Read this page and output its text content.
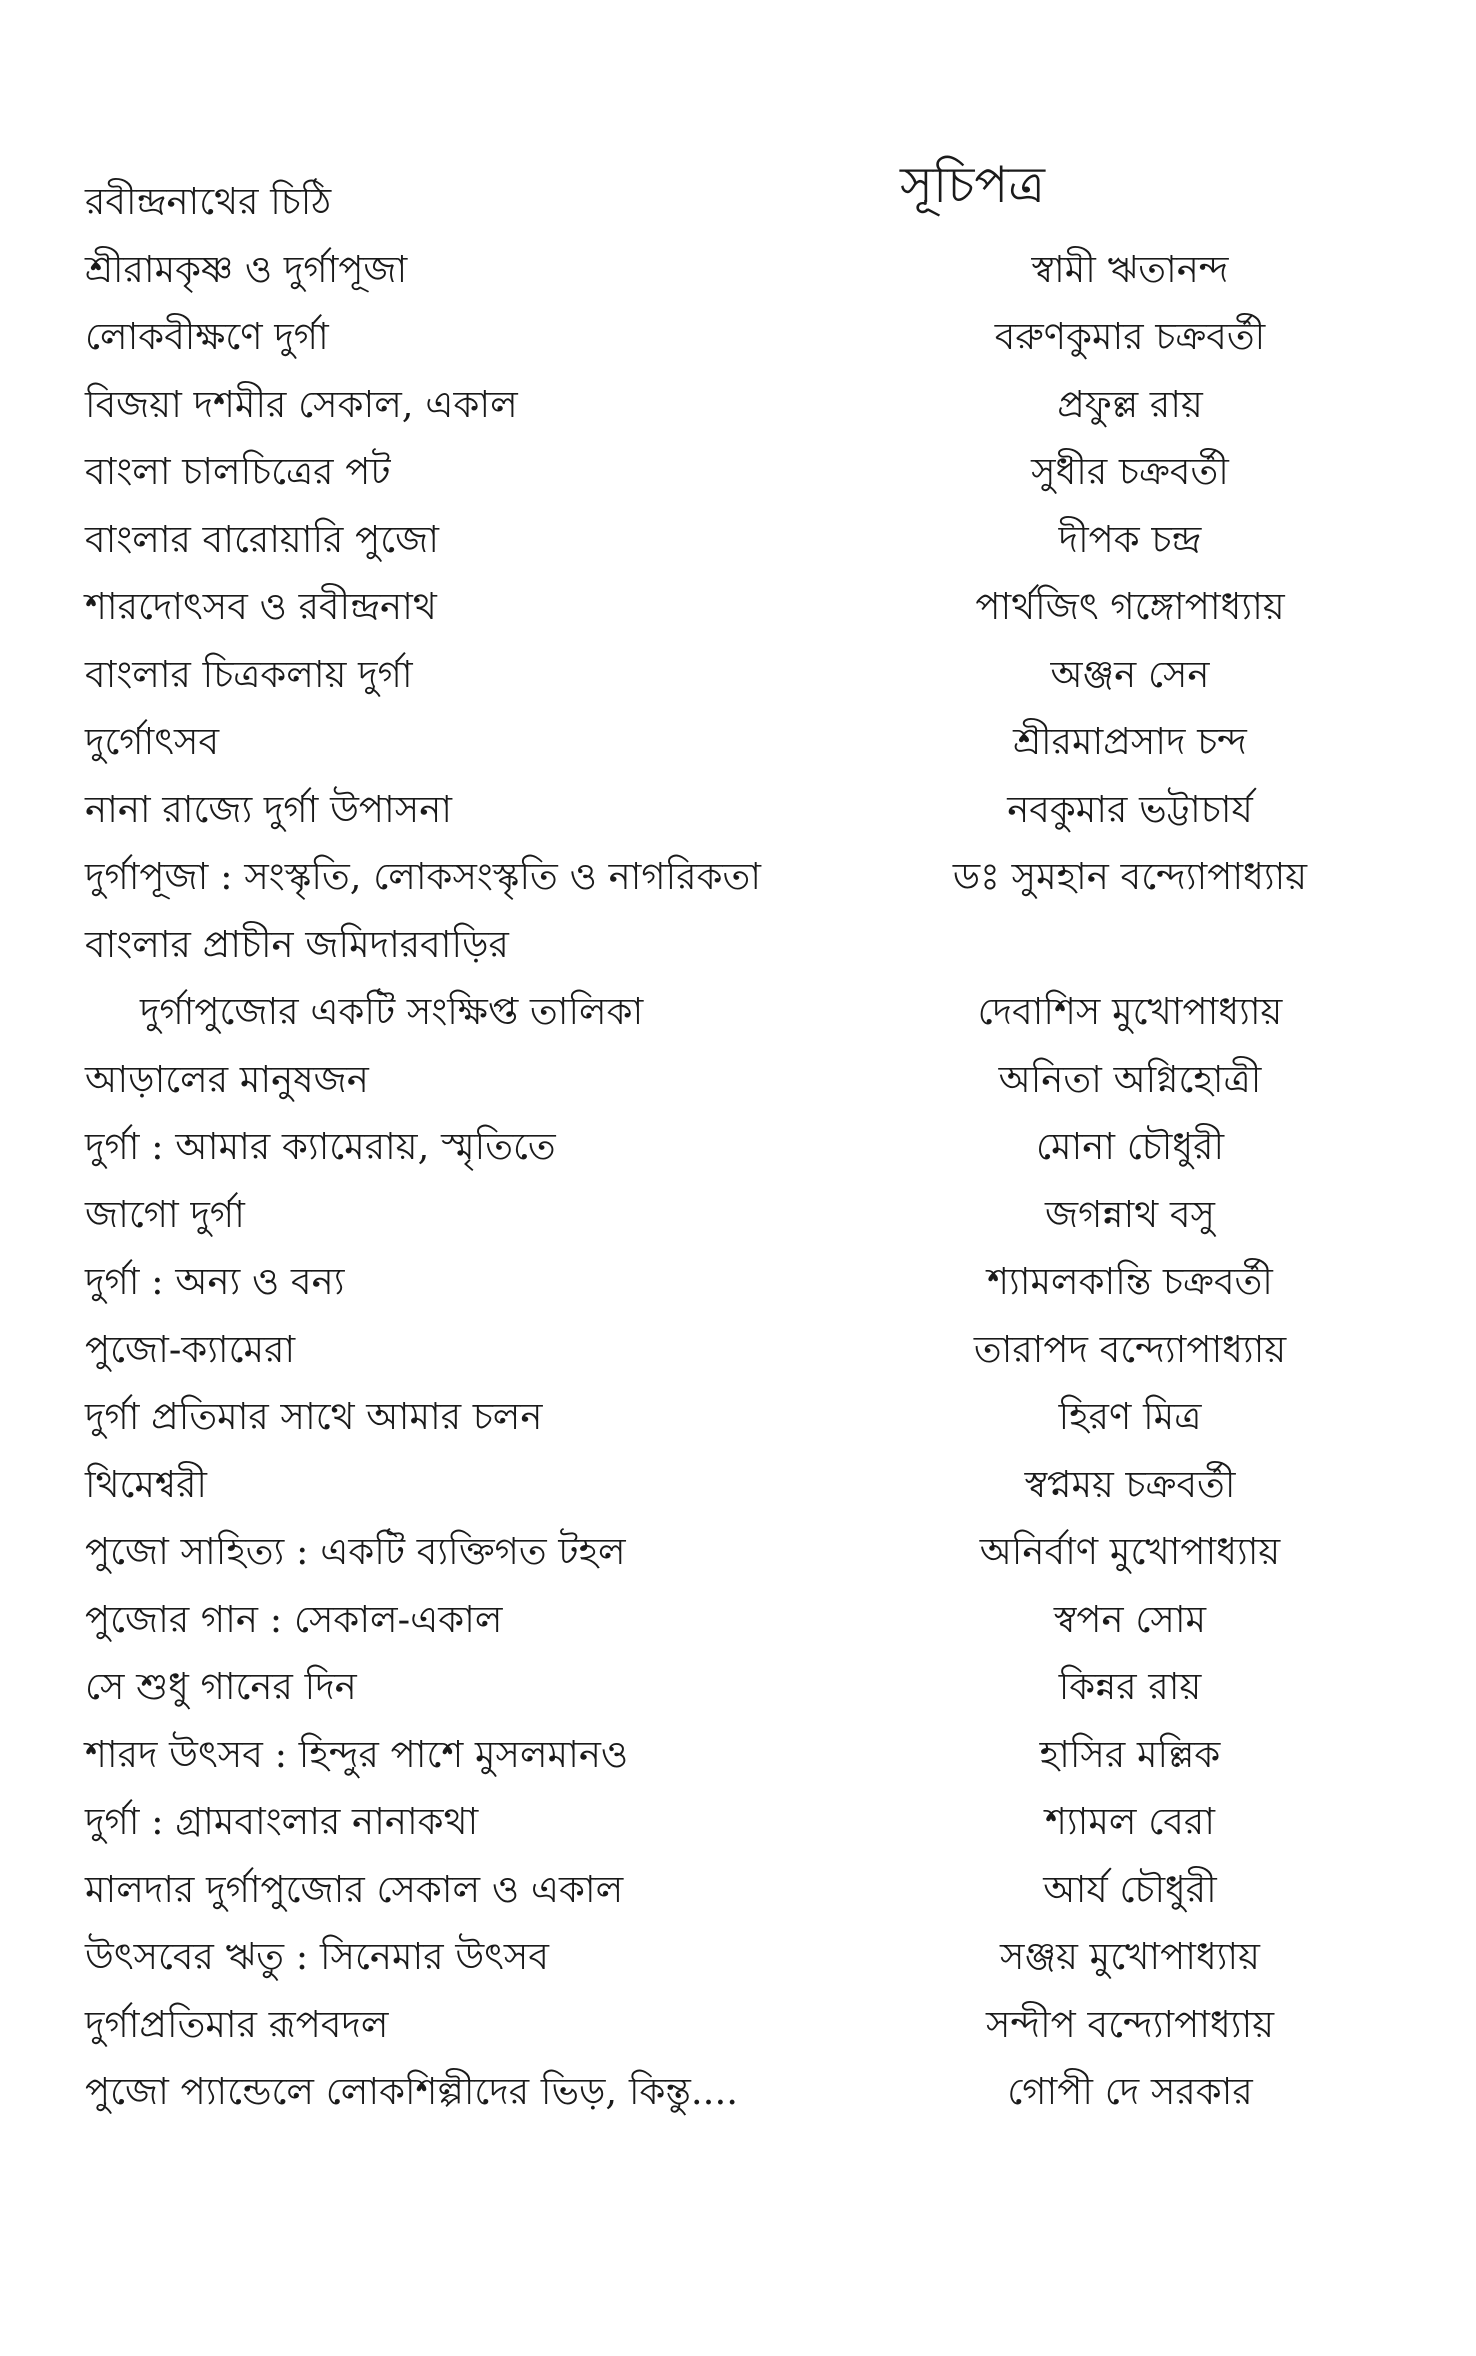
সূচিপত্র
রবীন্দ্রনাথের চিঠি
শ্রীরামকৃষ্ণ ও দুর্গাপূজা	স্বামী ঋতানন্দ
লোকবীক্ষণে দুর্গা	বরুণকুমার চক্রবর্তী
বিজয়া দশমীর সেকাল, একাল	প্রফুল্ল রায়
বাংলা চালচিত্রের পট	সুধীর চক্রবর্তী
বাংলার বারোয়ারি পুজো	দীপক চন্দ্র
শারদোৎসব ও রবীন্দ্রনাথ	পার্থজিৎ গঙ্গোপাধ্যায়
বাংলার চিত্রকলায় দুর্গা	অঞ্জন সেন
দুর্গোৎসব	শ্রীরমাপ্রসাদ চন্দ
নানা রাজ্যে দুর্গা উপাসনা	নবকুমার ভট্টাচার্য
দুর্গাপূজা : সংস্কৃতি, লোকসংস্কৃতি ও নাগরিকতা	ডঃ সুমহান বন্দ্যোপাধ্যায়
বাংলার প্রাচীন জমিদারবাড়ির
দুর্গাপুজোর একটি সংক্ষিপ্ত তালিকা	দেবাশিস মুখোপাধ্যায়
আড়ালের মানুষজন	অনিতা অগ্নিহোত্রী
দুর্গা : আমার ক্যামেরায়, স্মৃতিতে	মোনা চৌধুরী
জাগো দুর্গা	জগন্নাথ বসু
দুর্গা : অন্য ও বন্য	শ্যামলকান্তি চক্রবর্তী
পুজো-ক্যামেরা	তারাপদ বন্দ্যোপাধ্যায়
দুর্গা প্রতিমার সাথে আমার চলন	হিরণ মিত্র
থিমেশ্বরী	স্বপ্নময় চক্রবর্তী
পুজো সাহিত্য : একটি ব্যক্তিগত টহল	অনির্বাণ মুখোপাধ্যায়
পুজোর গান : সেকাল-একাল	স্বপন সোম
সে শুধু গানের দিন	কিন্নর রায়
শারদ উৎসব : হিন্দুর পাশে মুসলমানও	হাসির মল্লিক
দুর্গা : গ্রামবাংলার নানাকথা	শ্যামল বেরা
মালদার দুর্গাপুজোর সেকাল ও একাল	আর্য চৌধুরী
উৎসবের ঋতু : সিনেমার উৎসব	সঞ্জয় মুখোপাধ্যায়
দুর্গাপ্রতিমার রূপবদল	সন্দীপ বন্দ্যোপাধ্যায়
পুজো প্যান্ডেলে লোকশিল্পীদের ভিড়, কিন্তু....	গোপী দে সরকার
